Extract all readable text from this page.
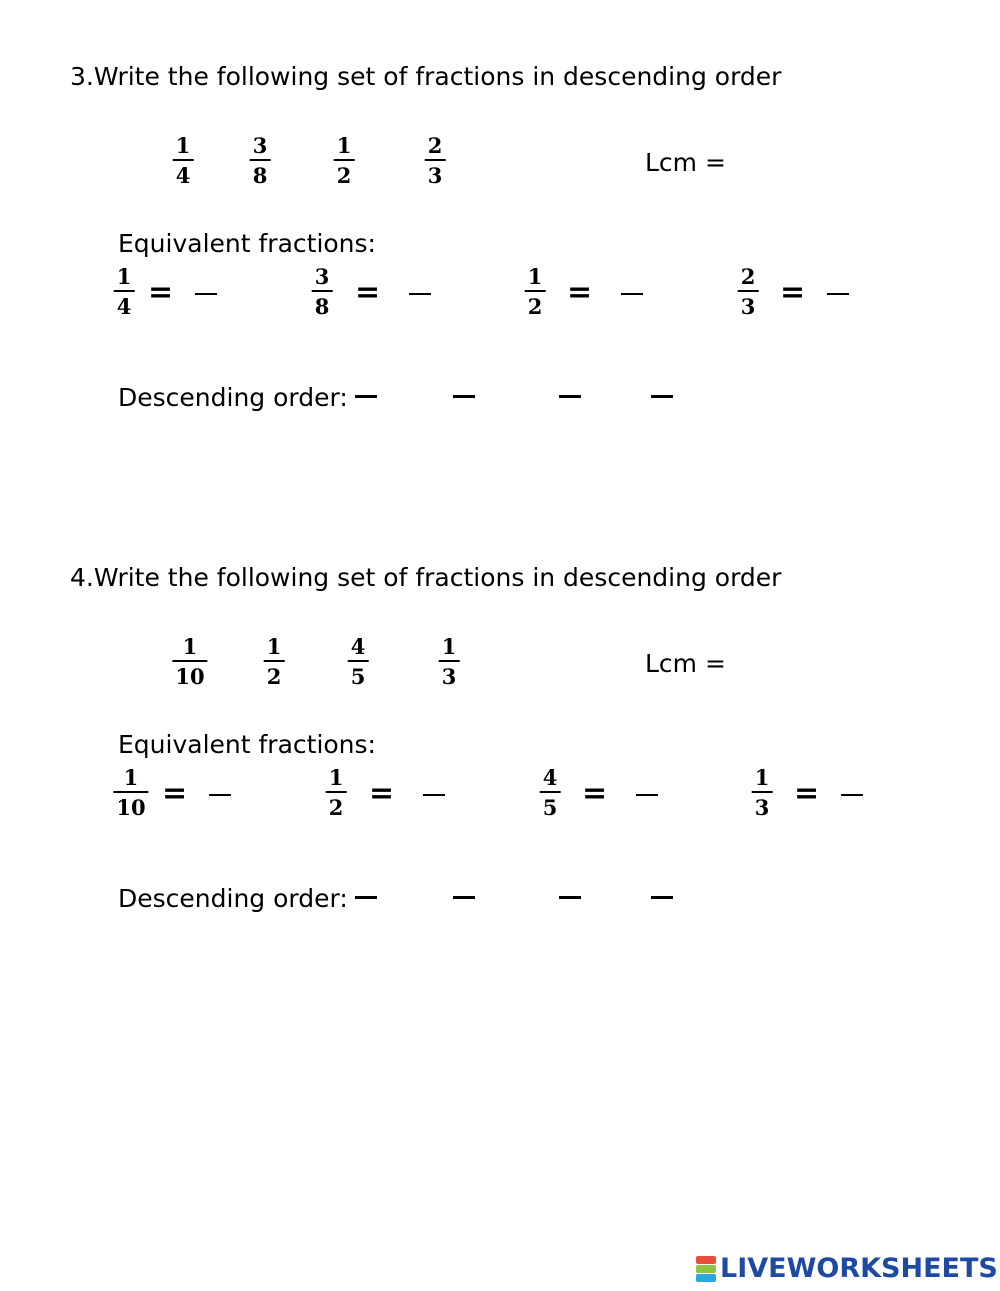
3.Write the following set of fractions in descending order
1
4
3
8
1
2
2
3	Lcm =
Equivalent fractions:
1
4 =	3
8 =	1
2 =	2
3 =
Descending order:
4.Write the following set of fractions in descending order
1
10
1
2
4
5
1
3	Lcm =
Equivalent fractions:
1
10 =	1
2 =	4
5 =	1
3 =
Descending order:
LIVEWORKSHEETS
